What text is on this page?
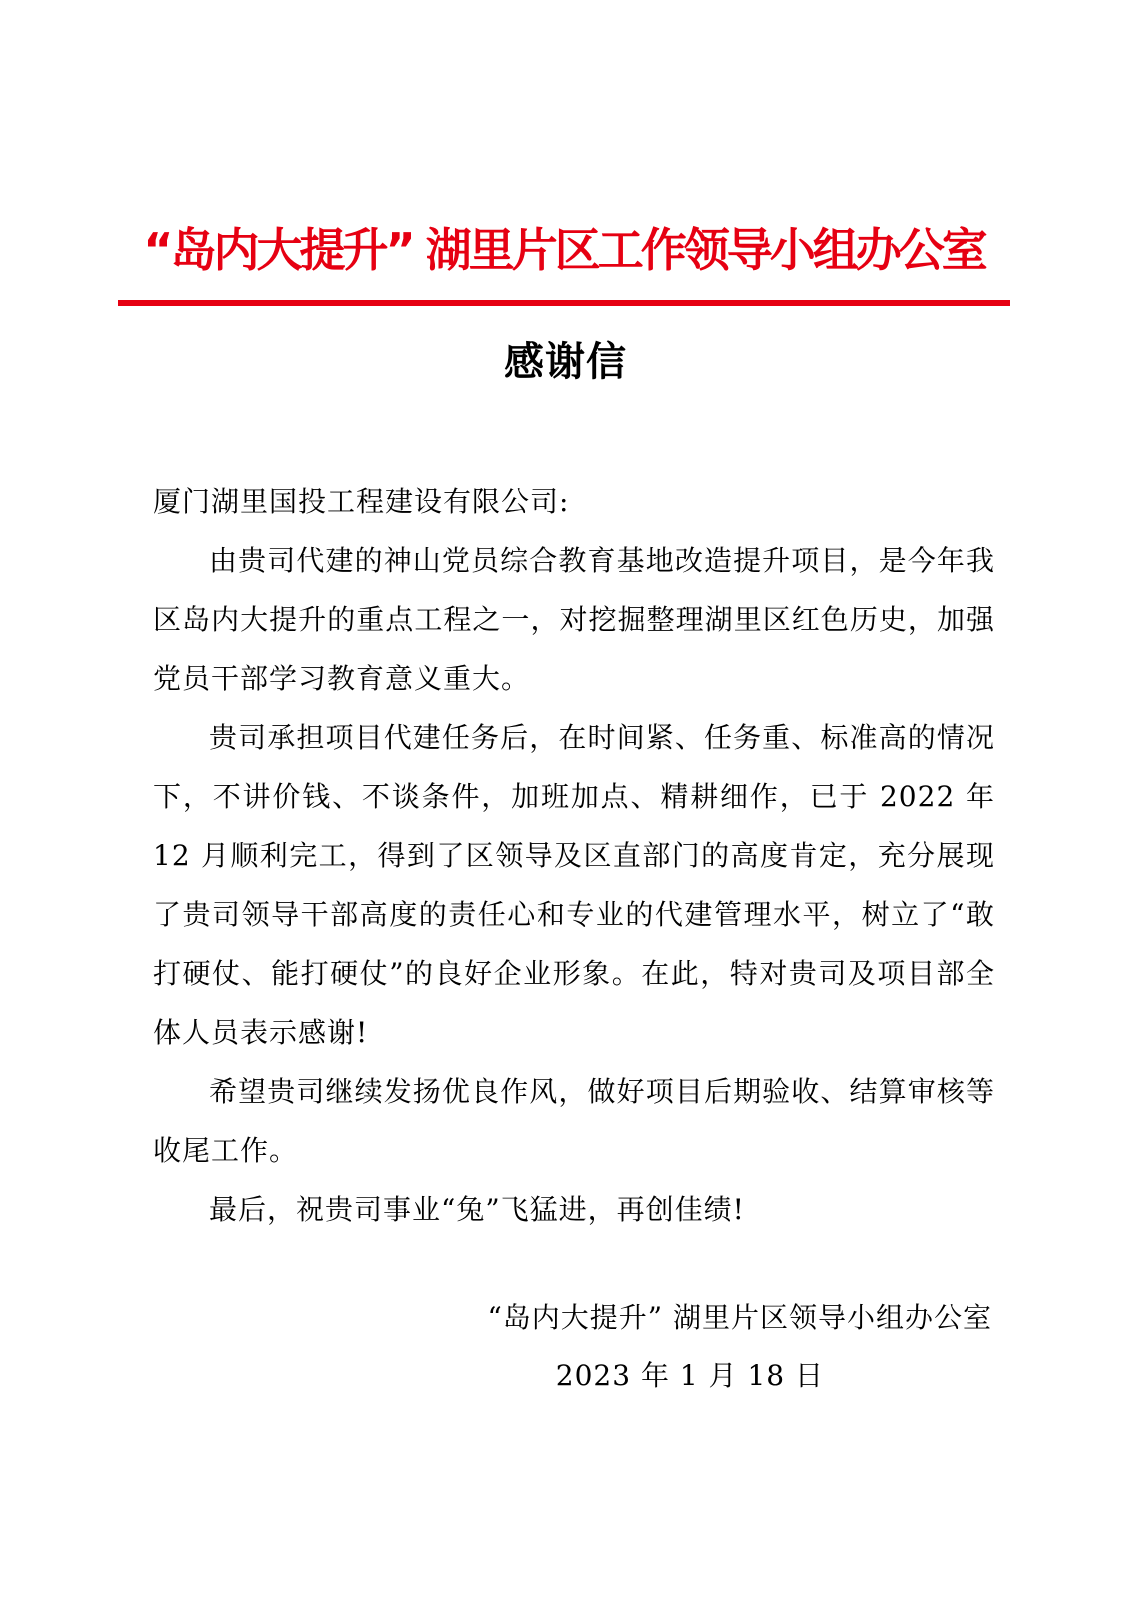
“岛内大提升” 湖里片区工作领导小组办公室
感谢信

厦门湖里国投工程建设有限公司:

由贵司代建的神山党员综合教育基地改造提升项目，是今年我区岛内大提升的重点工程之一，对挖掘整理湖里区红色历史，加强党员干部学习教育意义重大。

贵司承担项目代建任务后，在时间紧、任务重、标准高的情况下，不讲价钱、不谈条件，加班加点、精耕细作，已于 2022 年 12 月顺利完工，得到了区领导及区直部门的高度肯定，充分展现了贵司领导干部高度的责任心和专业的代建管理水平，树立了“敢打硬仗、能打硬仗”的良好企业形象。在此，特对贵司及项目部全体人员表示感谢!

希望贵司继续发扬优良作风，做好项目后期验收、结算审核等收尾工作。

最后，祝贵司事业“兔”飞猛进，再创佳绩!

“岛内大提升” 湖里片区领导小组办公室
2023 年 1 月 18 日
